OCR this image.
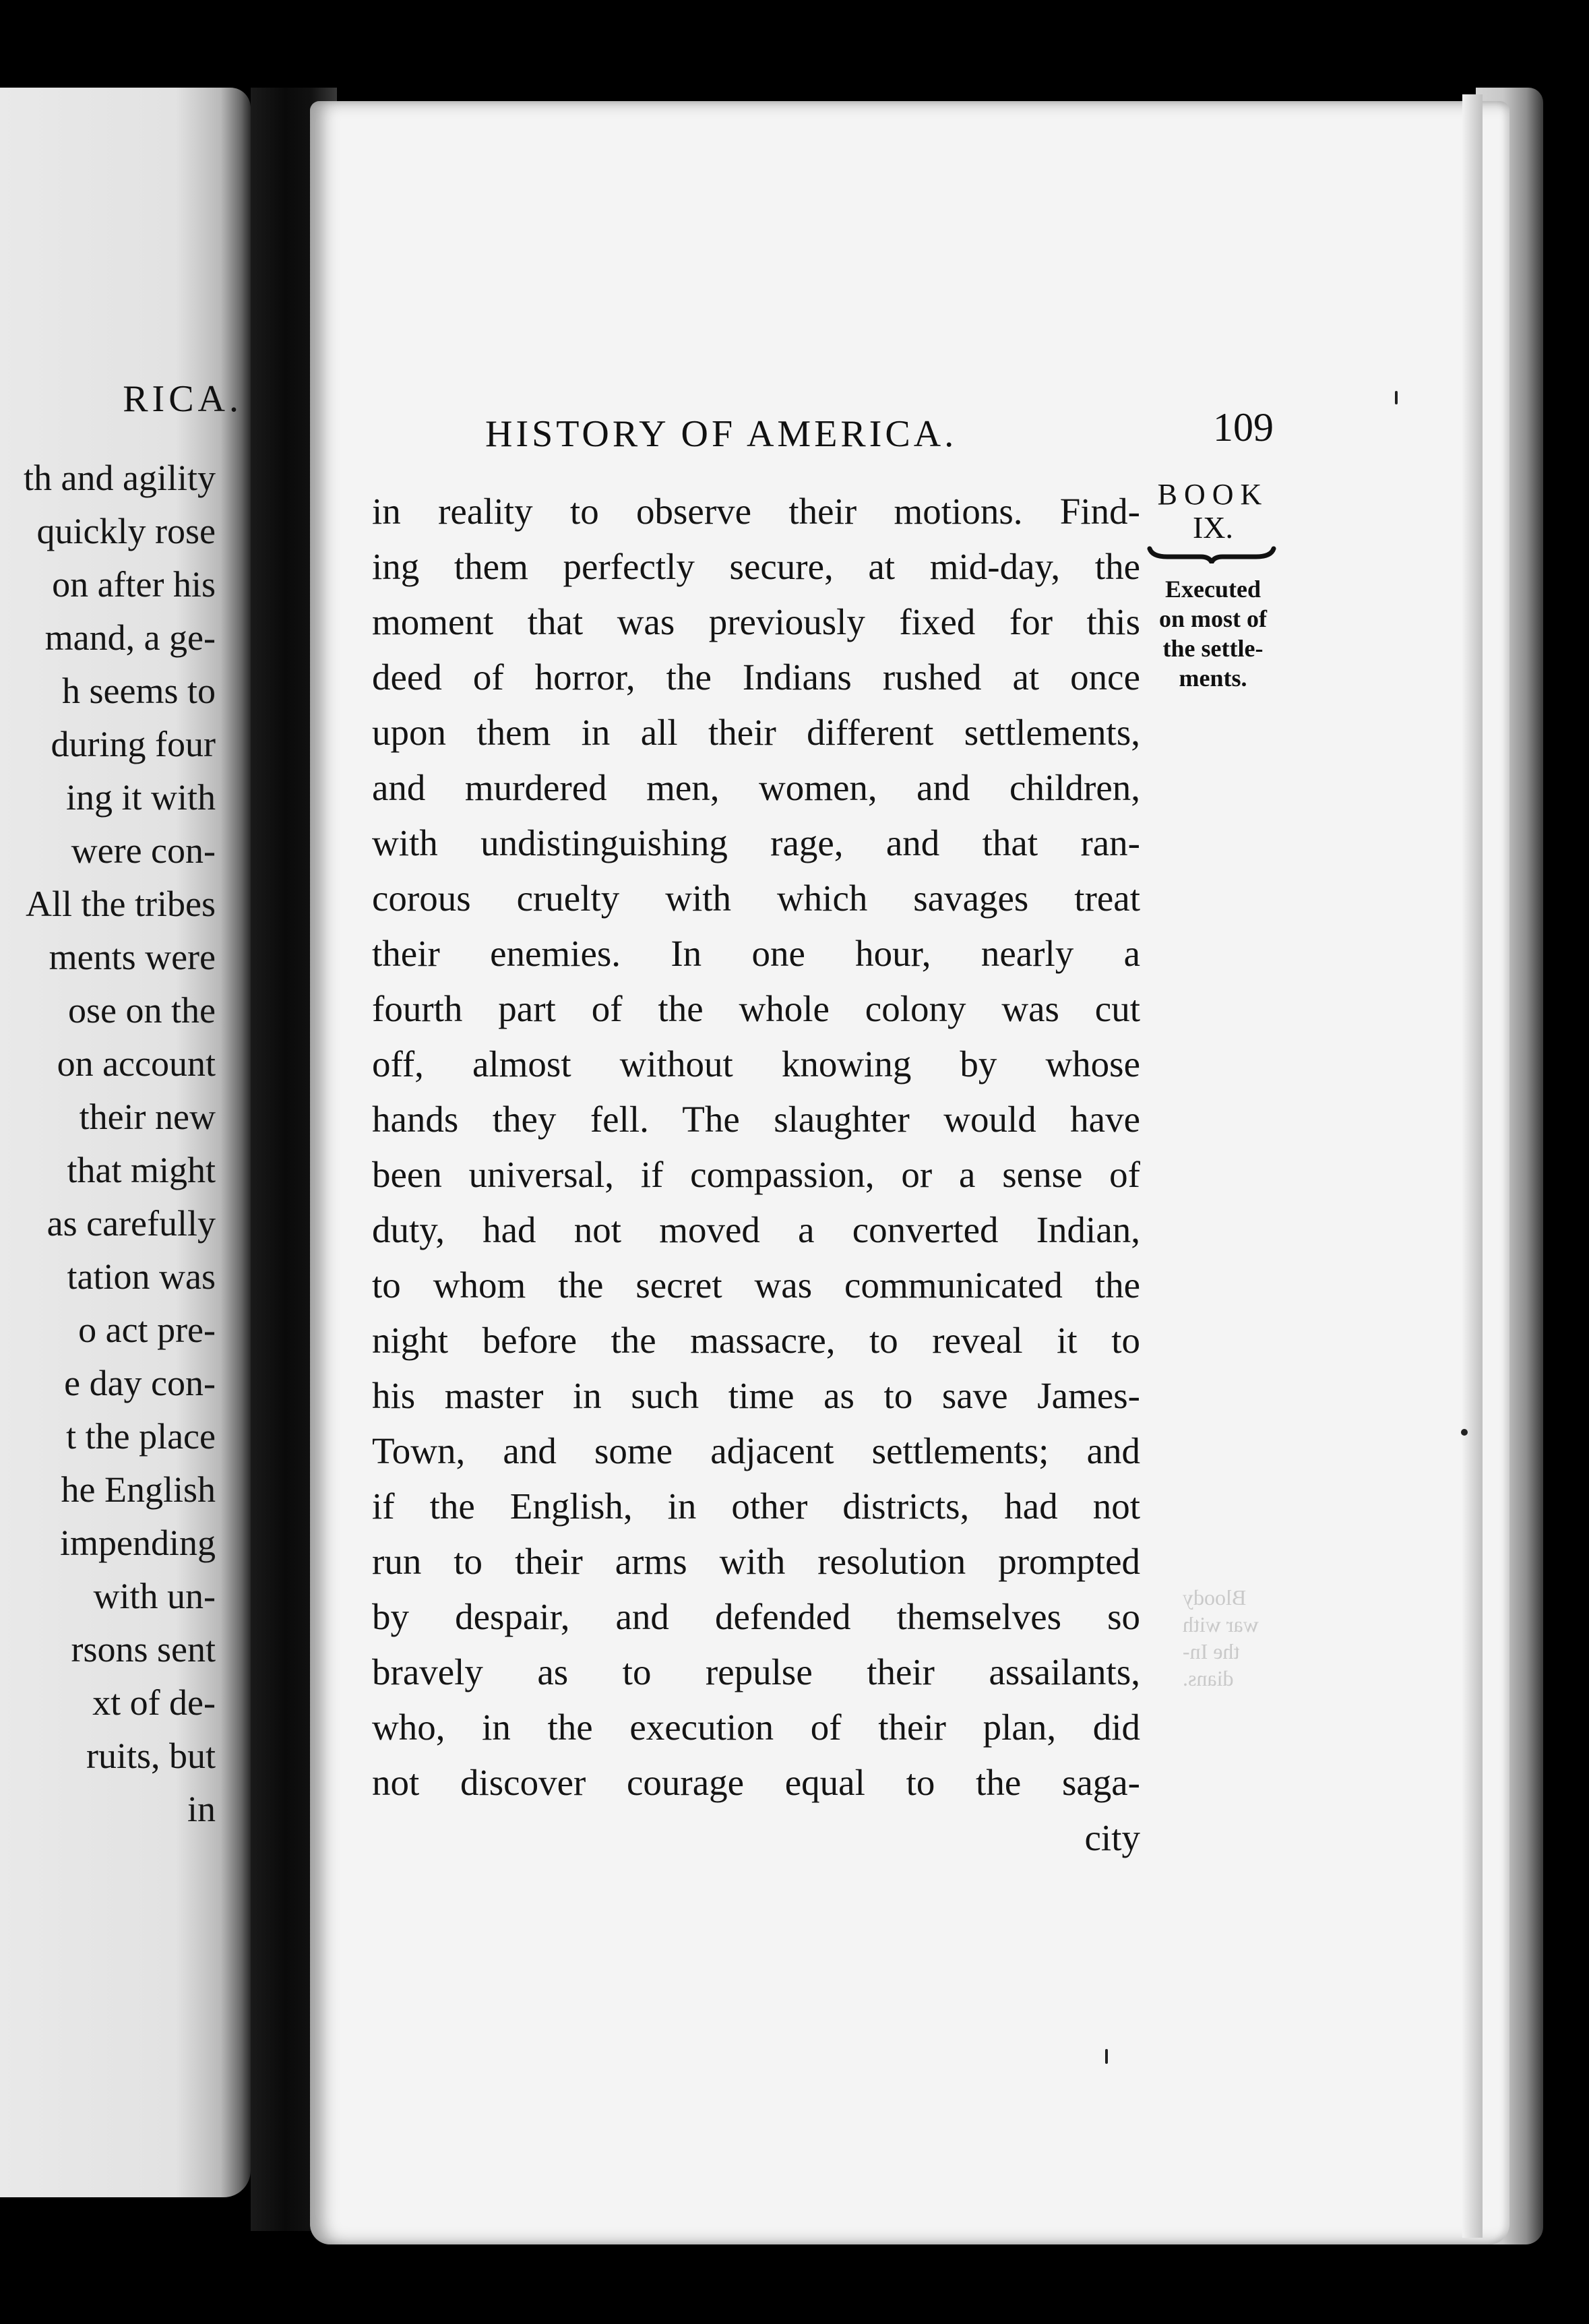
RICA.
th and agility
quickly rose
on after his
mand, a ge-
h seems to
during four
ing it with
were con-
All the tribes
ments were
ose on the
on account
their new
that might
as carefully
tation was
o act pre-
e day con-
t the place
he English
impending
with un-
rsons sent
xt of de-
ruits, but
in
HISTORY OF AMERICA.	109
BOOK
IX.
Executed
on most of
the settle-
ments.
Bloody
war with
the In-
dians.
in reality to observe their motions. Find-
ing them perfectly secure, at mid-day, the
moment that was previously fixed for this
deed of horror, the Indians rushed at once
upon them in all their different settlements,
and murdered men, women, and children,
with undistinguishing rage, and that ran-
corous cruelty with which savages treat
their enemies. In one hour, nearly a
fourth part of the whole colony was cut
off, almost without knowing by whose
hands they fell. The slaughter would have
been universal, if compassion, or a sense of
duty, had not moved a converted Indian,
to whom the secret was communicated the
night before the massacre, to reveal it to
his master in such time as to save James-
Town, and some adjacent settlements; and
if the English, in other districts, had not
run to their arms with resolution prompted
by despair, and defended themselves so
bravely as to repulse their assailants,
who, in the execution of their plan, did
not discover courage equal to the saga-
city
